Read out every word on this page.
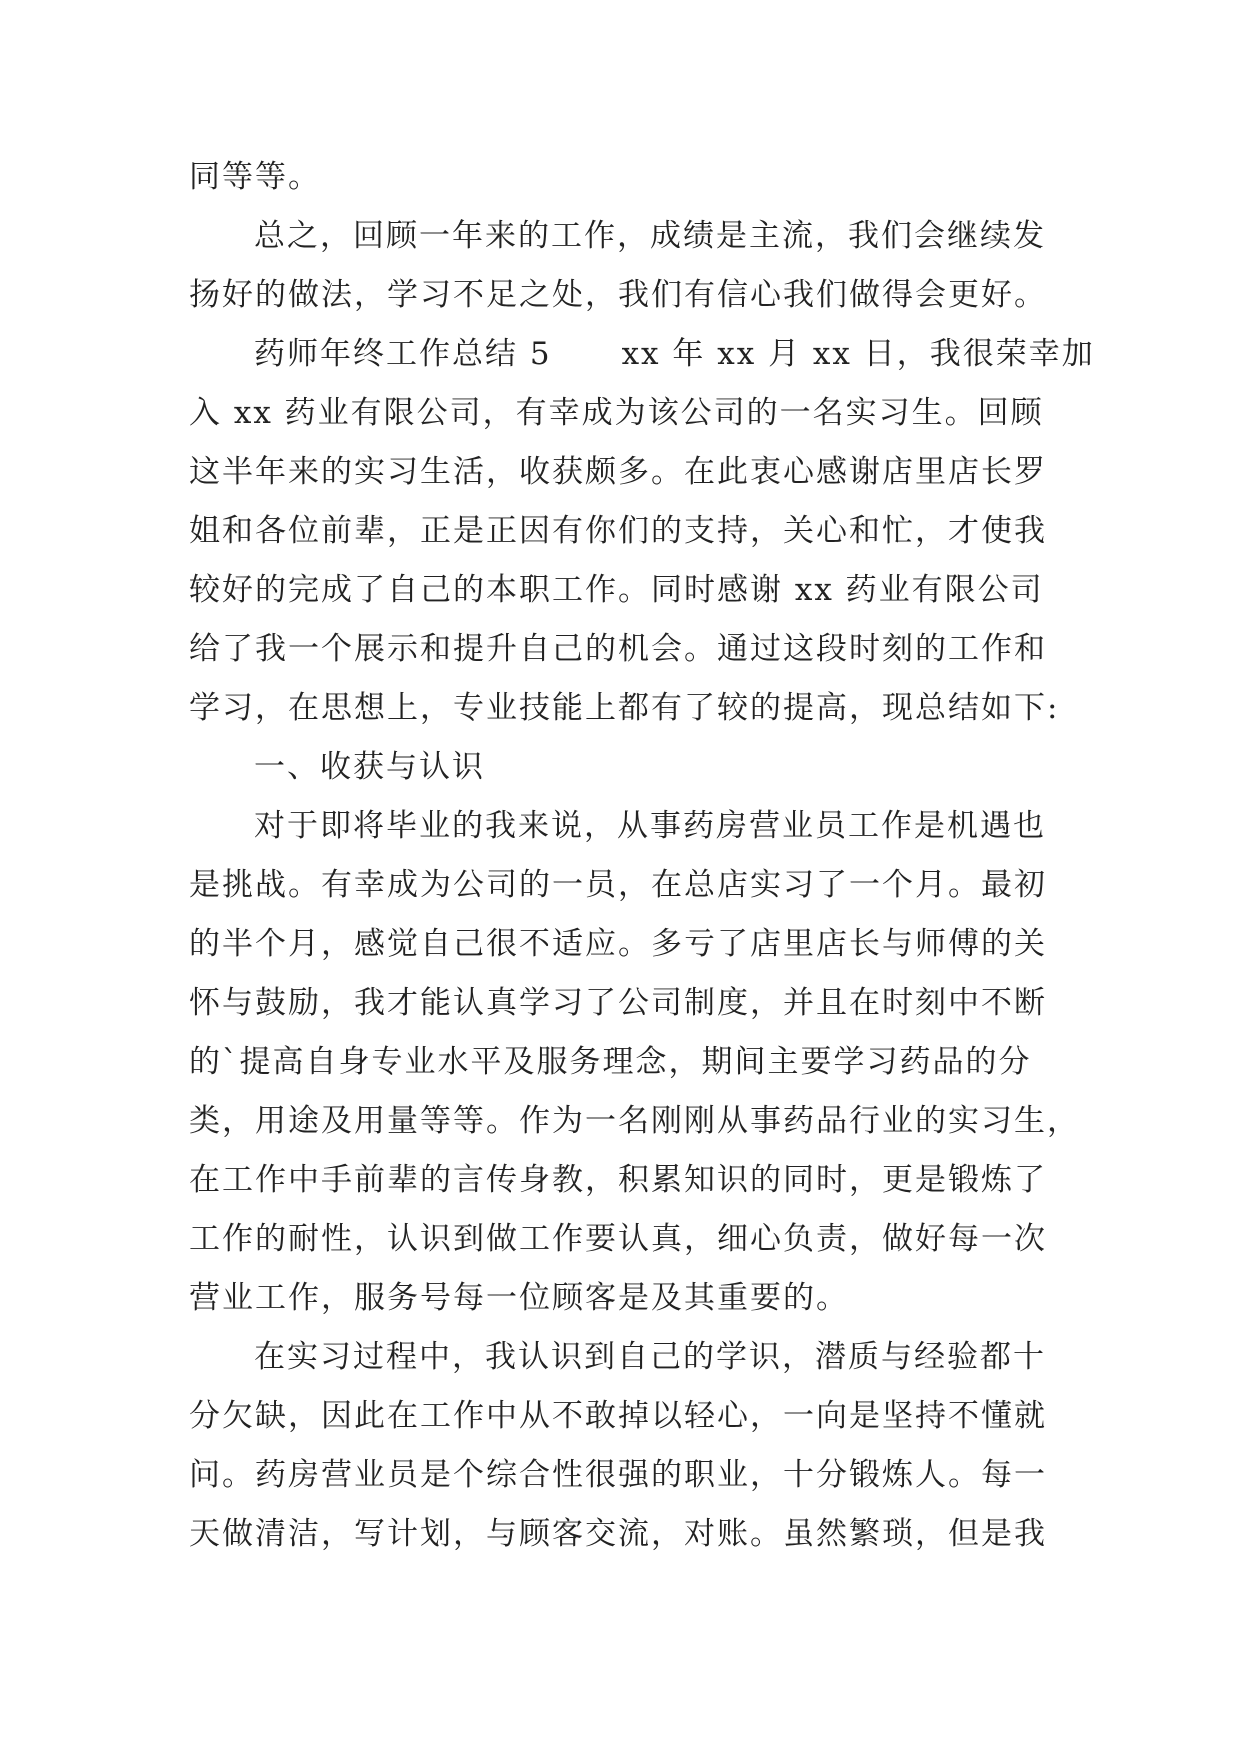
同等等。
总之，回顾一年来的工作，成绩是主流，我们会继续发
扬好的做法，学习不足之处，我们有信心我们做得会更好。
药师年终工作总结 5 xx 年 xx 月 xx 日，我很荣幸加
入 xx 药业有限公司，有幸成为该公司的一名实习生。回顾
这半年来的实习生活，收获颇多。在此衷心感谢店里店长罗
姐和各位前辈，正是正因有你们的支持，关心和忙，才使我
较好的完成了自己的本职工作。同时感谢 xx 药业有限公司
给了我一个展示和提升自己的机会。通过这段时刻的工作和
学习，在思想上，专业技能上都有了较的提高，现总结如下:
一、收获与认识
对于即将毕业的我来说，从事药房营业员工作是机遇也
是挑战。有幸成为公司的一员，在总店实习了一个月。最初
的半个月，感觉自己很不适应。多亏了店里店长与师傅的关
怀与鼓励，我才能认真学习了公司制度，并且在时刻中不断
的`提高自身专业水平及服务理念，期间主要学习药品的分
类，用途及用量等等。作为一名刚刚从事药品行业的实习生，
在工作中手前辈的言传身教，积累知识的同时，更是锻炼了
工作的耐性，认识到做工作要认真，细心负责，做好每一次
营业工作，服务号每一位顾客是及其重要的。
在实习过程中，我认识到自己的学识，潜质与经验都十
分欠缺，因此在工作中从不敢掉以轻心，一向是坚持不懂就
问。药房营业员是个综合性很强的职业，十分锻炼人。每一
天做清洁，写计划，与顾客交流，对账。虽然繁琐，但是我
